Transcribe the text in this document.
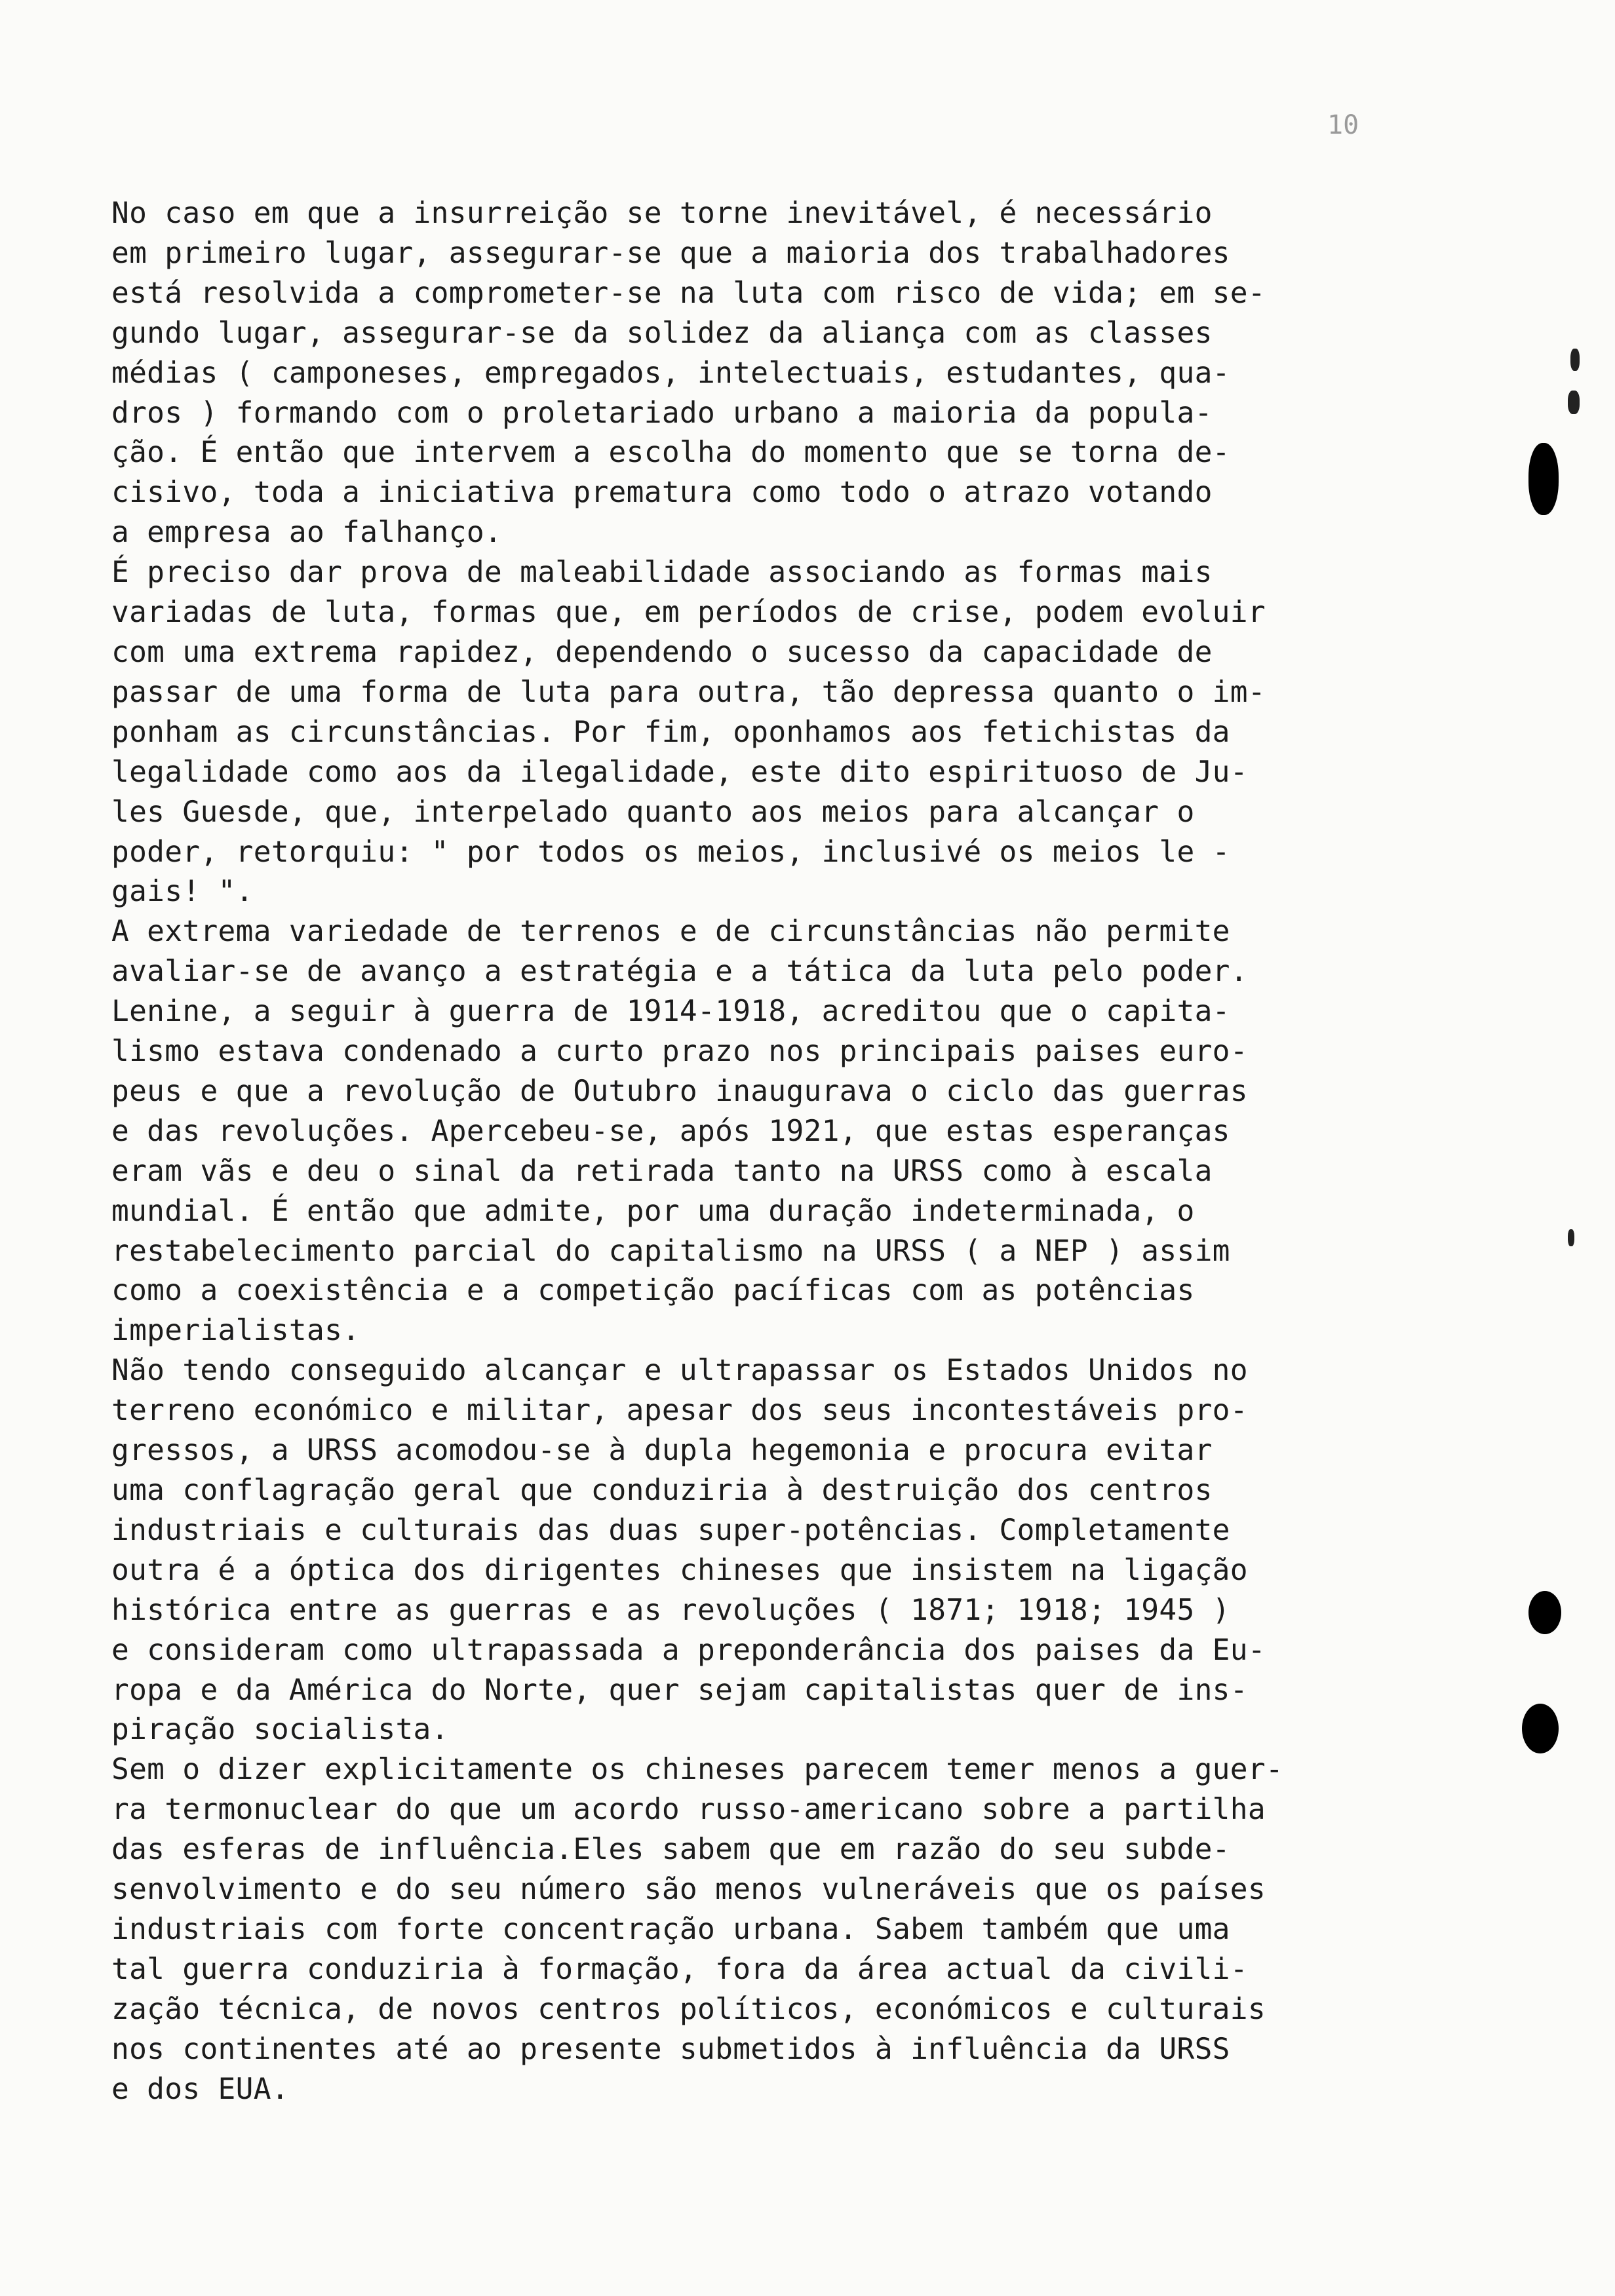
10
No caso em que a insurreição se torne inevitável, é necessário
em primeiro lugar, assegurar-se que a maioria dos trabalhadores
está resolvida a comprometer-se na luta com risco de vida; em se-
gundo lugar, assegurar-se da solidez da aliança com as classes
médias ( camponeses, empregados, intelectuais, estudantes, qua-
dros ) formando com o proletariado urbano a maioria da popula-
ção. É então que intervem a escolha do momento que se torna de-
cisivo, toda a iniciativa prematura como todo o atrazo votando
a empresa ao falhanço.
É preciso dar prova de maleabilidade associando as formas mais
variadas de luta, formas que, em períodos de crise, podem evoluir
com uma extrema rapidez, dependendo o sucesso da capacidade de
passar de uma forma de luta para outra, tão depressa quanto o im-
ponham as circunstâncias. Por fim, oponhamos aos fetichistas da
legalidade como aos da ilegalidade, este dito espirituoso de Ju-
les Guesde, que, interpelado quanto aos meios para alcançar o
poder, retorquiu: " por todos os meios, inclusivé os meios le -
gais! ".
A extrema variedade de terrenos e de circunstâncias não permite
avaliar-se de avanço a estratégia e a tática da luta pelo poder.
Lenine, a seguir à guerra de 1914-1918, acreditou que o capita-
lismo estava condenado a curto prazo nos principais paises euro-
peus e que a revolução de Outubro inaugurava o ciclo das guerras
e das revoluções. Apercebeu-se, após 1921, que estas esperanças
eram vãs e deu o sinal da retirada tanto na URSS como à escala
mundial. É então que admite, por uma duração indeterminada, o
restabelecimento parcial do capitalismo na URSS ( a NEP ) assim
como a coexistência e a competição pacíficas com as potências
imperialistas.
Não tendo conseguido alcançar e ultrapassar os Estados Unidos no
terreno económico e militar, apesar dos seus incontestáveis pro-
gressos, a URSS acomodou-se à dupla hegemonia e procura evitar
uma conflagração geral que conduziria à destruição dos centros
industriais e culturais das duas super-potências. Completamente
outra é a óptica dos dirigentes chineses que insistem na ligação
histórica entre as guerras e as revoluções ( 1871; 1918; 1945 )
e consideram como ultrapassada a preponderância dos paises da Eu-
ropa e da América do Norte, quer sejam capitalistas quer de ins-
piração socialista.
Sem o dizer explicitamente os chineses parecem temer menos a guer-
ra termonuclear do que um acordo russo-americano sobre a partilha
das esferas de influência.Eles sabem que em razão do seu subde-
senvolvimento e do seu número são menos vulneráveis que os países
industriais com forte concentração urbana. Sabem também que uma
tal guerra conduziria à formação, fora da área actual da civili-
zação técnica, de novos centros políticos, económicos e culturais
nos continentes até ao presente submetidos à influência da URSS
e dos EUA.
